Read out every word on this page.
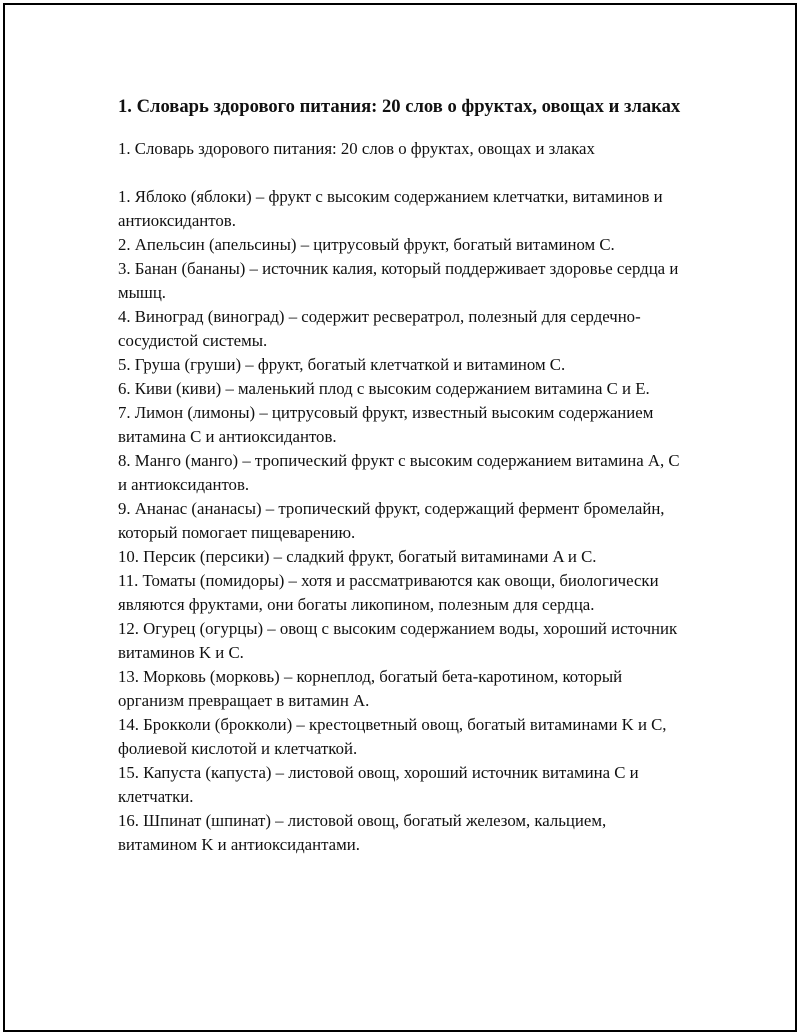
1. Словарь здорового питания: 20 слов о фруктах, овощах и злаках

1. Словарь здорового питания: 20 слов о фруктах, овощах и злаках

1. Яблоко (яблоки) – фрукт с высоким содержанием клетчатки, витаминов и антиоксидантов.
2. Апельсин (апельсины) – цитрусовый фрукт, богатый витамином C.
3. Банан (бананы) – источник калия, который поддерживает здоровье сердца и мышц.
4. Виноград (виноград) – содержит ресвератрол, полезный для сердечно-сосудистой системы.
5. Груша (груши) – фрукт, богатый клетчаткой и витамином C.
6. Киви (киви) – маленький плод с высоким содержанием витамина C и E.
7. Лимон (лимоны) – цитрусовый фрукт, известный высоким содержанием витамина C и антиоксидантов.
8. Манго (манго) – тропический фрукт с высоким содержанием витамина A, C и антиоксидантов.
9. Ананас (ананасы) – тропический фрукт, содержащий фермент бромелайн, который помогает пищеварению.
10. Персик (персики) – сладкий фрукт, богатый витаминами A и C.
11. Томаты (помидоры) – хотя и рассматриваются как овощи, биологически являются фруктами, они богаты ликопином, полезным для сердца.
12. Огурец (огурцы) – овощ с высоким содержанием воды, хороший источник витаминов K и C.
13. Морковь (морковь) – корнеплод, богатый бета-каротином, который организм превращает в витамин A.
14. Брокколи (брокколи) – крестоцветный овощ, богатый витаминами K и C, фолиевой кислотой и клетчаткой.
15. Капуста (капуста) – листовой овощ, хороший источник витамина C и клетчатки.
16. Шпинат (шпинат) – листовой овощ, богатый железом, кальцием, витамином K и антиоксидантами.
